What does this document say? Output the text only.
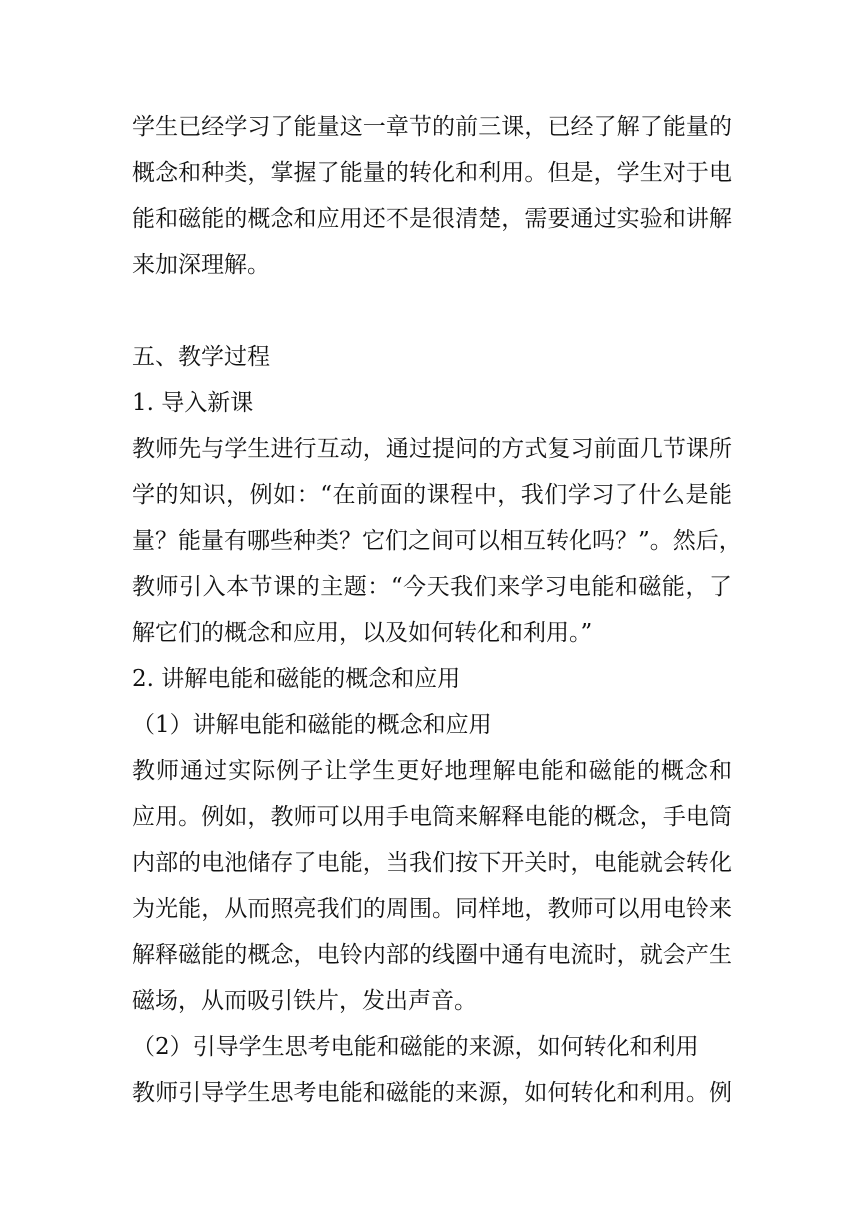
学生已经学习了能量这一章节的前三课，已经了解了能量的
概念和种类，掌握了能量的转化和利用。但是，学生对于电
能和磁能的概念和应用还不是很清楚，需要通过实验和讲解
来加深理解。
五、教学过程
1. 导入新课
教师先与学生进行互动，通过提问的方式复习前面几节课所
学的知识，例如：“在前面的课程中，我们学习了什么是能
量？能量有哪些种类？它们之间可以相互转化吗？”。然后，
教师引入本节课的主题：“今天我们来学习电能和磁能，了
解它们的概念和应用，以及如何转化和利用。”
2. 讲解电能和磁能的概念和应用
（1）讲解电能和磁能的概念和应用
教师通过实际例子让学生更好地理解电能和磁能的概念和
应用。例如，教师可以用手电筒来解释电能的概念，手电筒
内部的电池储存了电能，当我们按下开关时，电能就会转化
为光能，从而照亮我们的周围。同样地，教师可以用电铃来
解释磁能的概念，电铃内部的线圈中通有电流时，就会产生
磁场，从而吸引铁片，发出声音。
（2）引导学生思考电能和磁能的来源，如何转化和利用
教师引导学生思考电能和磁能的来源，如何转化和利用。例
